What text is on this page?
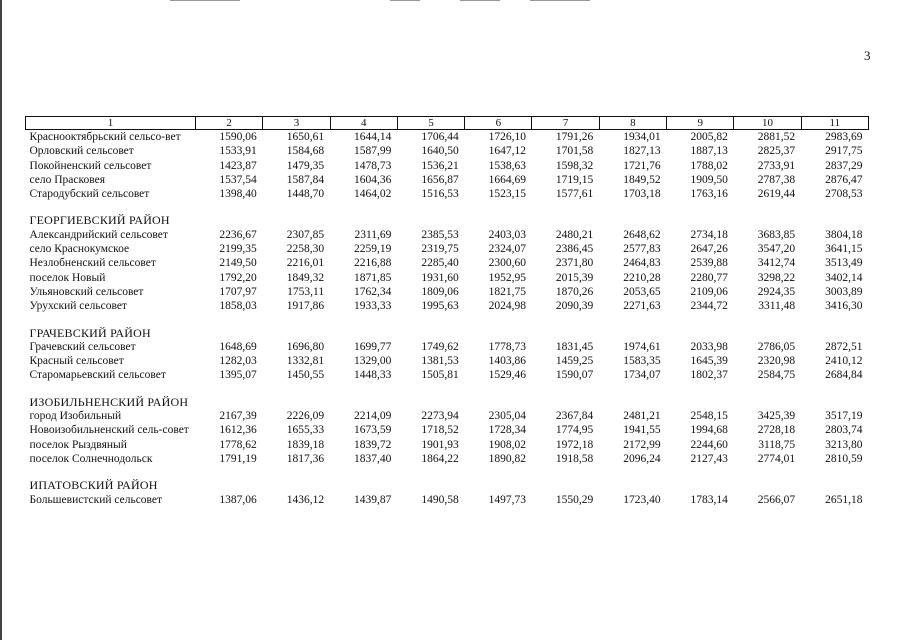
3
1	2	3	4	5	6	7	8	9	10	11
Краснооктябрьский сельсо-вет	1590,06	1650,61	1644,14	1706,44	1726,10	1791,26	1934,01	2005,82	2881,52	2983,69
Орловский сельсовет	1533,91	1584,68	1587,99	1640,50	1647,12	1701,58	1827,13	1887,13	2825,37	2917,75
Покойненский сельсовет	1423,87	1479,35	1478,73	1536,21	1538,63	1598,32	1721,76	1788,02	2733,91	2837,29
село Прасковея	1537,54	1587,84	1604,36	1656,87	1664,69	1719,15	1849,52	1909,50	2787,38	2876,47
Стародубский сельсовет	1398,40	1448,70	1464,02	1516,53	1523,15	1577,61	1703,18	1763,16	2619,44	2708,53
ГЕОРГИЕВСКИЙ РАЙОН										
Александрийский сельсовет	2236,67	2307,85	2311,69	2385,53	2403,03	2480,21	2648,62	2734,18	3683,85	3804,18
село Краснокумское	2199,35	2258,30	2259,19	2319,75	2324,07	2386,45	2577,83	2647,26	3547,20	3641,15
Незлобненский сельсовет	2149,50	2216,01	2216,88	2285,40	2300,60	2371,80	2464,83	2539,88	3412,74	3513,49
поселок Новый	1792,20	1849,32	1871,85	1931,60	1952,95	2015,39	2210,28	2280,77	3298,22	3402,14
Ульяновский сельсовет	1707,97	1753,11	1762,34	1809,06	1821,75	1870,26	2053,65	2109,06	2924,35	3003,89
Урухский сельсовет	1858,03	1917,86	1933,33	1995,63	2024,98	2090,39	2271,63	2344,72	3311,48	3416,30
ГРАЧЕВСКИЙ РАЙОН										
Грачевский сельсовет	1648,69	1696,80	1699,77	1749,62	1778,73	1831,45	1974,61	2033,98	2786,05	2872,51
Красный сельсовет	1282,03	1332,81	1329,00	1381,53	1403,86	1459,25	1583,35	1645,39	2320,98	2410,12
Старомарьевский сельсовет	1395,07	1450,55	1448,33	1505,81	1529,46	1590,07	1734,07	1802,37	2584,75	2684,84
ИЗОБИЛЬНЕНСКИЙ РАЙОН										
город Изобильный	2167,39	2226,09	2214,09	2273,94	2305,04	2367,84	2481,21	2548,15	3425,39	3517,19
Новоизобильненский сель-совет	1612,36	1655,33	1673,59	1718,52	1728,34	1774,95	1941,55	1994,68	2728,18	2803,74
поселок Рыздвяный	1778,62	1839,18	1839,72	1901,93	1908,02	1972,18	2172,99	2244,60	3118,75	3213,80
поселок Солнечнодольск	1791,19	1817,36	1837,40	1864,22	1890,82	1918,58	2096,24	2127,43	2774,01	2810,59
ИПАТОВСКИЙ РАЙОН										
Большевистский сельсовет	1387,06	1436,12	1439,87	1490,58	1497,73	1550,29	1723,40	1783,14	2566,07	2651,18
